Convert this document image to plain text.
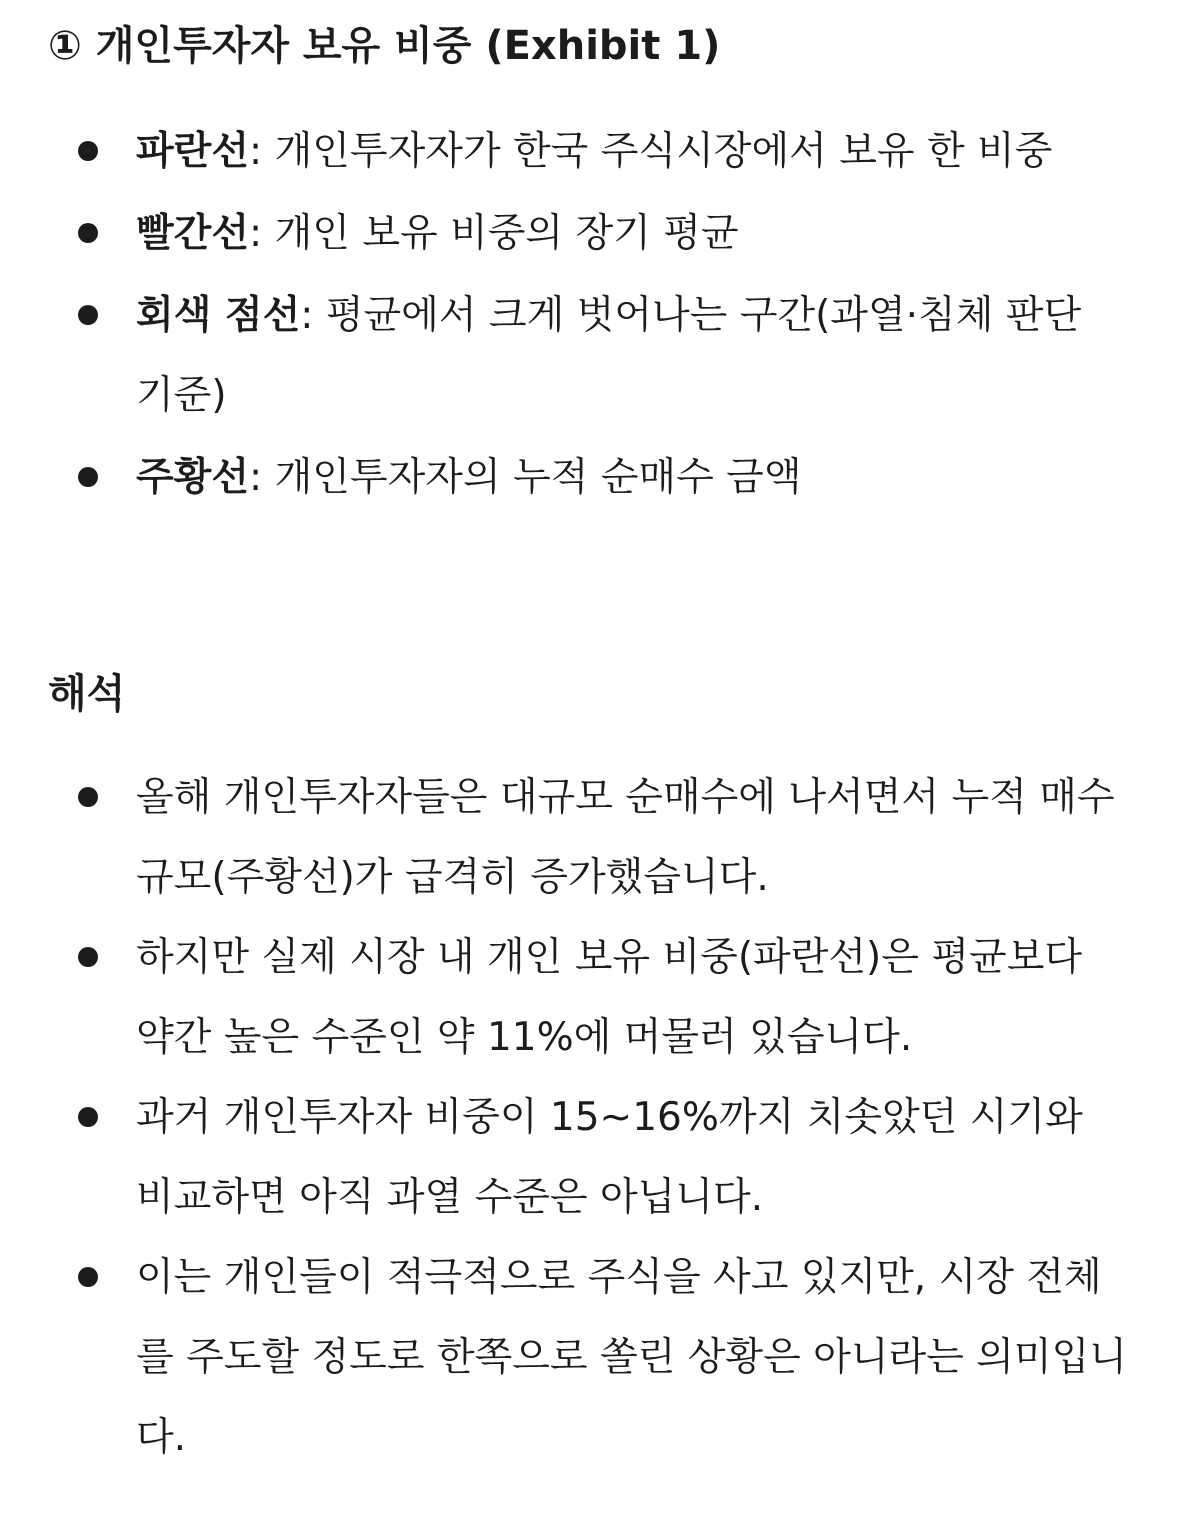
① 개인투자자 보유 비중 (Exhibit 1)
파란선: 개인투자자가 한국 주식시장에서 보유 한 비중
빨간선: 개인 보유 비중의 장기 평균
회색 점선: 평균에서 크게 벗어나는 구간(과열·침체 판단 기준)
주황선: 개인투자자의 누적 순매수 금액
해석
올해 개인투자자들은 대규모 순매수에 나서면서 누적 매수 규모(주황선)가 급격히 증가했습니다.
하지만 실제 시장 내 개인 보유 비중(파란선)은 평균보다 약간 높은 수준인 약 11%에 머물러 있습니다.
과거 개인투자자 비중이 15~16%까지 치솟았던 시기와 비교하면 아직 과열 수준은 아닙니다.
이는 개인들이 적극적으로 주식을 사고 있지만, 시장 전체를 주도할 정도로 한쪽으로 쏠린 상황은 아니라는 의미입니다.
